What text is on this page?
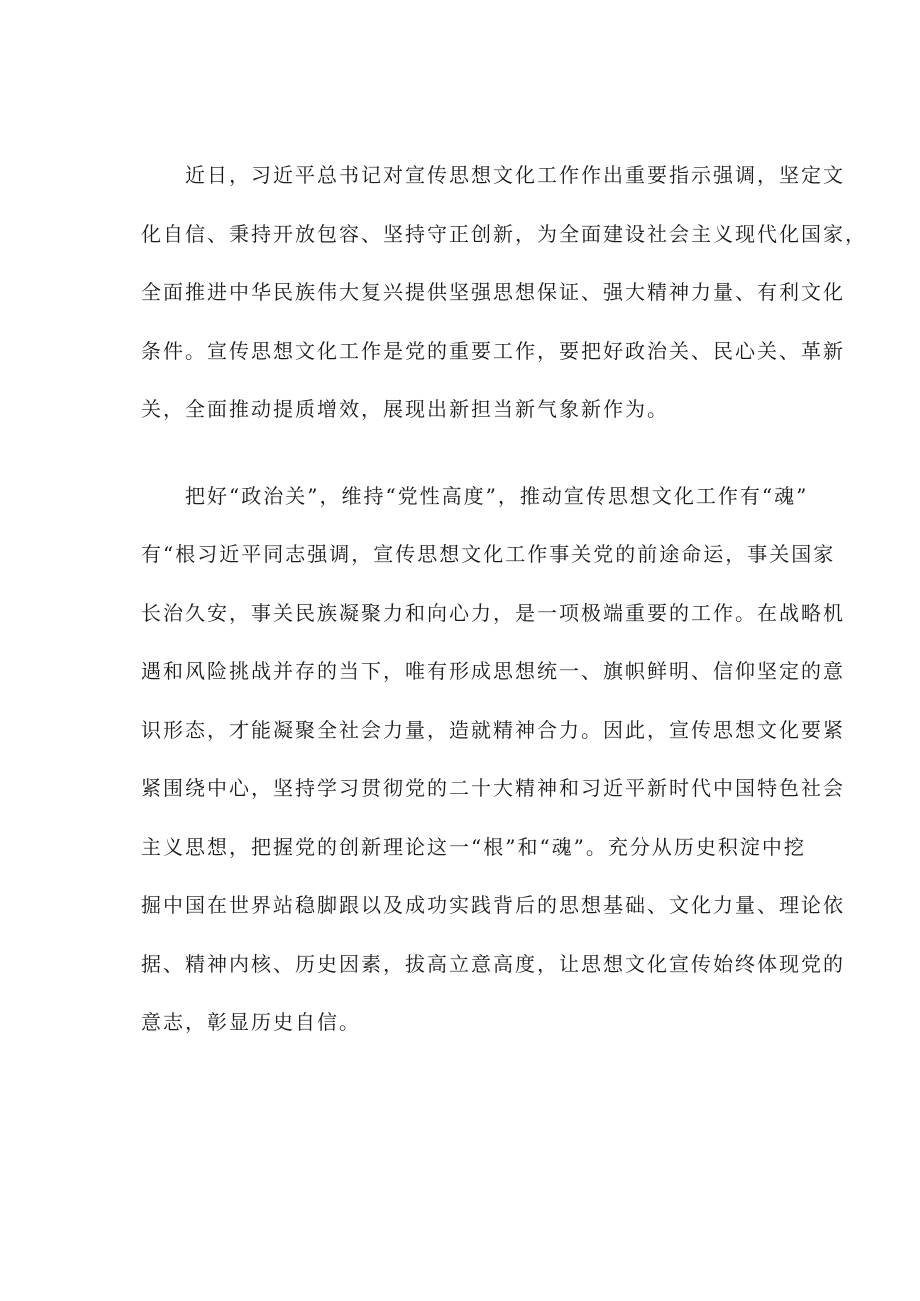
近日，习近平总书记对宣传思想文化工作作出重要指示强调，坚定文
化自信、秉持开放包容、坚持守正创新，为全面建设社会主义现代化国家，
全面推进中华民族伟大复兴提供坚强思想保证、强大精神力量、有利文化
条件。宣传思想文化工作是党的重要工作，要把好政治关、民心关、革新
关，全面推动提质增效，展现出新担当新气象新作为。
把好“政治关”，维持“党性高度”，推动宣传思想文化工作有“魂”
有“根习近平同志强调，宣传思想文化工作事关党的前途命运，事关国家
长治久安，事关民族凝聚力和向心力，是一项极端重要的工作。在战略机
遇和风险挑战并存的当下，唯有形成思想统一、旗帜鲜明、信仰坚定的意
识形态，才能凝聚全社会力量，造就精神合力。因此，宣传思想文化要紧
紧围绕中心，坚持学习贯彻党的二十大精神和习近平新时代中国特色社会
主义思想，把握党的创新理论这一“根”和“魂”。充分从历史积淀中挖
掘中国在世界站稳脚跟以及成功实践背后的思想基础、文化力量、理论依
据、精神内核、历史因素，拔高立意高度，让思想文化宣传始终体现党的
意志，彰显历史自信。
